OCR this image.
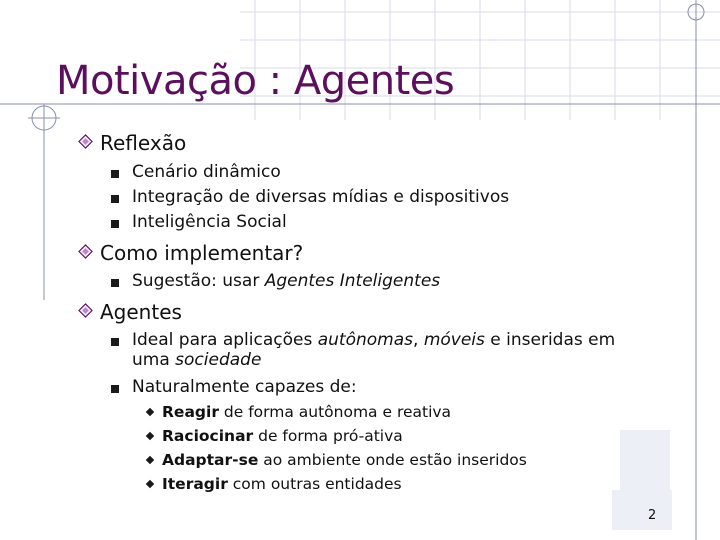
Motivação : Agentes
Reflexão
Cenário dinâmico
Integração de diversas mídias e dispositivos
Inteligência Social
Como implementar?
Sugestão: usar Agentes Inteligentes
Agentes
Ideal para aplicações autônomas, móveis e inseridas em
uma sociedade
Naturalmente capazes de:
Reagir de forma autônoma e reativa
Raciocinar de forma pró-ativa
Adaptar-se ao ambiente onde estão inseridos
Iteragir com outras entidades
2
